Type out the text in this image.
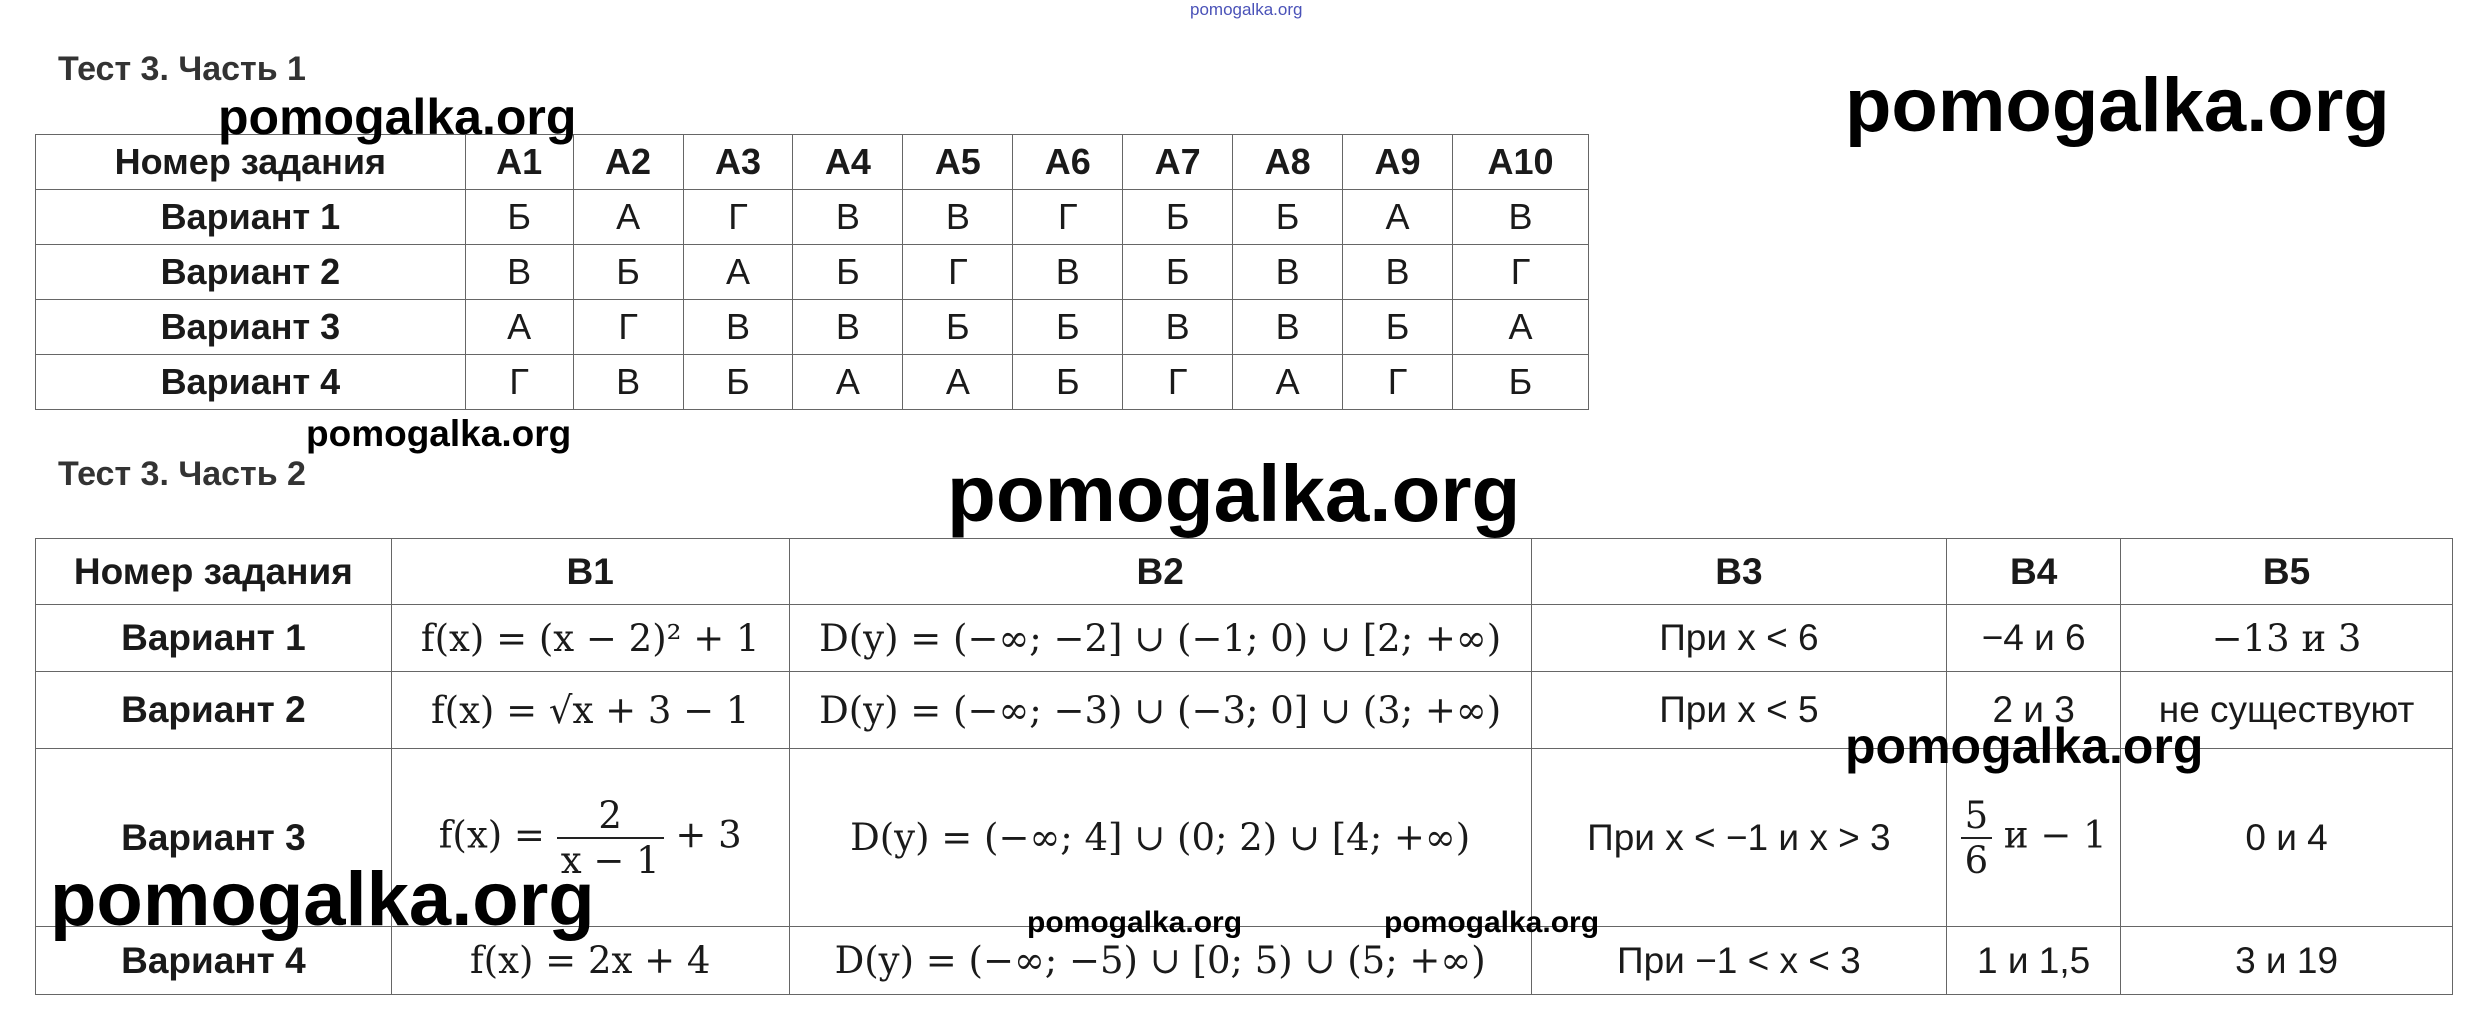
pomogalka.org
Тест 3. Часть 1
Номер задания	А1	А2	А3	А4	А5	А6	А7	А8	А9	А10
Вариант 1	Б	А	Г	В	В	Г	Б	Б	А	В
Вариант 2	В	Б	А	Б	Г	В	Б	В	В	Г
Вариант 3	А	Г	В	В	Б	Б	В	В	Б	А
Вариант 4	Г	В	Б	А	А	Б	Г	А	Г	Б
Тест 3. Часть 2
Номер задания	В1	В2	В3	В4	В5
Вариант 1	f(x) = (x − 2)² + 1	D(y) = (−∞; −2] ∪ (−1; 0) ∪ [2; +∞)	При x < 6	−4 и 6	−13 и 3
Вариант 2	f(x) = √x + 3 − 1	D(y) = (−∞; −3) ∪ (−3; 0] ∪ (3; +∞)	При x < 5	2 и 3	не существуют
Вариант 3	$f(x) = \frac{2}{x - 1} + 3$	D(y) = (−∞; 4] ∪ (0; 2) ∪ [4; +∞)	При x < −1 и x > 3	$\frac{5}{6}$ и − 1	0 и 4
Вариант 4	f(x) = 2x + 4	D(y) = (−∞; −5) ∪ [0; 5) ∪ (5; +∞)	При −1 < x < 3	1 и 1,5	3 и 19
pomogalka.org
pomogalka.org
pomogalka.org
pomogalka.org
pomogalka.org
pomogalka.org	pomogalka.org	pomogalka.org
